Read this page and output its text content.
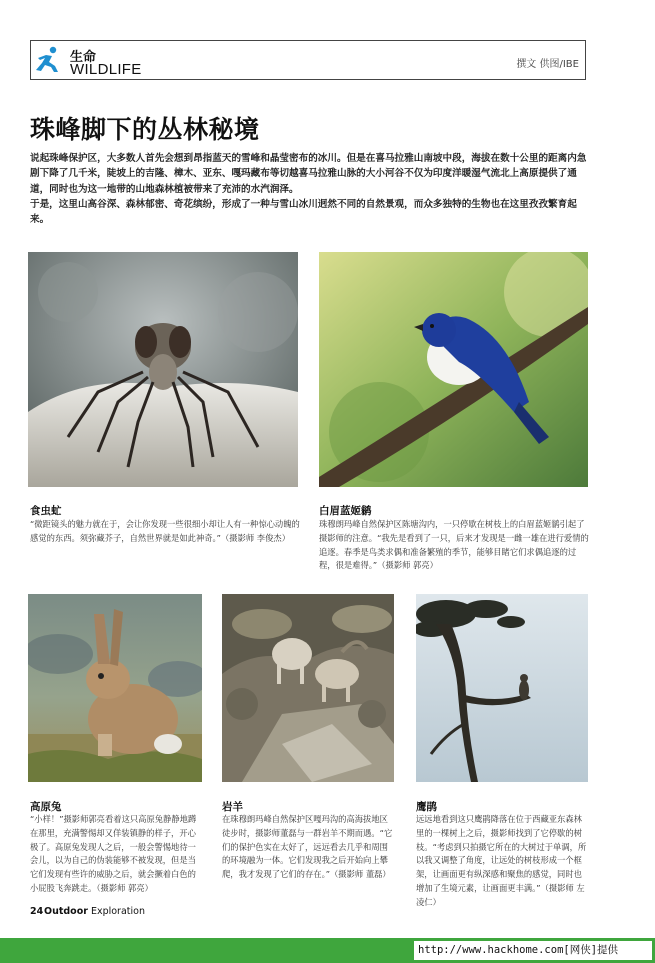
生命
WILDLIFE	撰文 供图/IBE
珠峰脚下的丛林秘境

说起珠峰保护区，大多数人首先会想到昂指蓝天的雪峰和晶莹密布的冰川。但是在喜马拉雅山南坡中段，海拔在数十公里的距离内急剧下降了几千米，陡坡上的吉隆、樟木、亚东、嘎玛藏布等切越喜马拉雅山脉的大小河谷不仅为印度洋暖湿气流北上高原提供了通道，同时也为这一地带的山地森林植被带来了充沛的水汽润泽。

于是，这里山高谷深、森林郁密、奇花缤纷，形成了一种与雪山冰川迥然不同的自然景观，而众多独特的生物也在这里孜孜繁育起来。

食虫虻
“微距镜头的魅力就在于，会让你发现一些很细小却让人有一种惊心动魄的感觉的东西。须弥藏芥子，自然世界就是如此神奇。”（摄影师 李俊杰）
白眉蓝姬鹟
珠穆朗玛峰自然保护区陈塘沟内，一只停歇在树枝上的白眉蓝姬鹟引起了摄影师的注意。“我先是看到了一只，后来才发现是一雌一雄在进行爱情的追逐。春季是鸟类求偶和准备繁殖的季节，能够目睹它们求偶追逐的过程，很是难得。”（摄影师 郭亮）
高原兔
“小样！”摄影师郭亮看着这只高原兔静静地蹲在那里，充满警惕却又佯装镇静的样子，开心极了。高原兔发现人之后，一般会警惕地待一会儿，以为自己的伪装能够不被发现，但是当它们发现有些许的威胁之后，就会撅着白色的小屁股飞奔跳走。（摄影师 郭亮）
岩羊
在珠穆朗玛峰自然保护区嘎玛沟的高海拔地区徒步时，摄影师董磊与一群岩羊不期而遇。“它们的保护色实在太好了，远远看去几乎和周围的环境融为一体。它们发现我之后开始向上攀爬，我才发现了它们的存在。”（摄影师 董磊）
鹰鹃
远远地看到这只鹰鹃降落在位于西藏亚东森林里的一棵树上之后，摄影师找到了它停歇的树枝。“考虑到只拍摄它所在的大树过于单调，所以我又调整了角度，让远处的树枝形成一个框架，让画面更有纵深感和聚焦的感觉，同时也增加了生境元素，让画面更丰满。”（摄影师 左凌仁）
24 Outdoor Exploration
http://www.hackhome.com[网侠]提供
